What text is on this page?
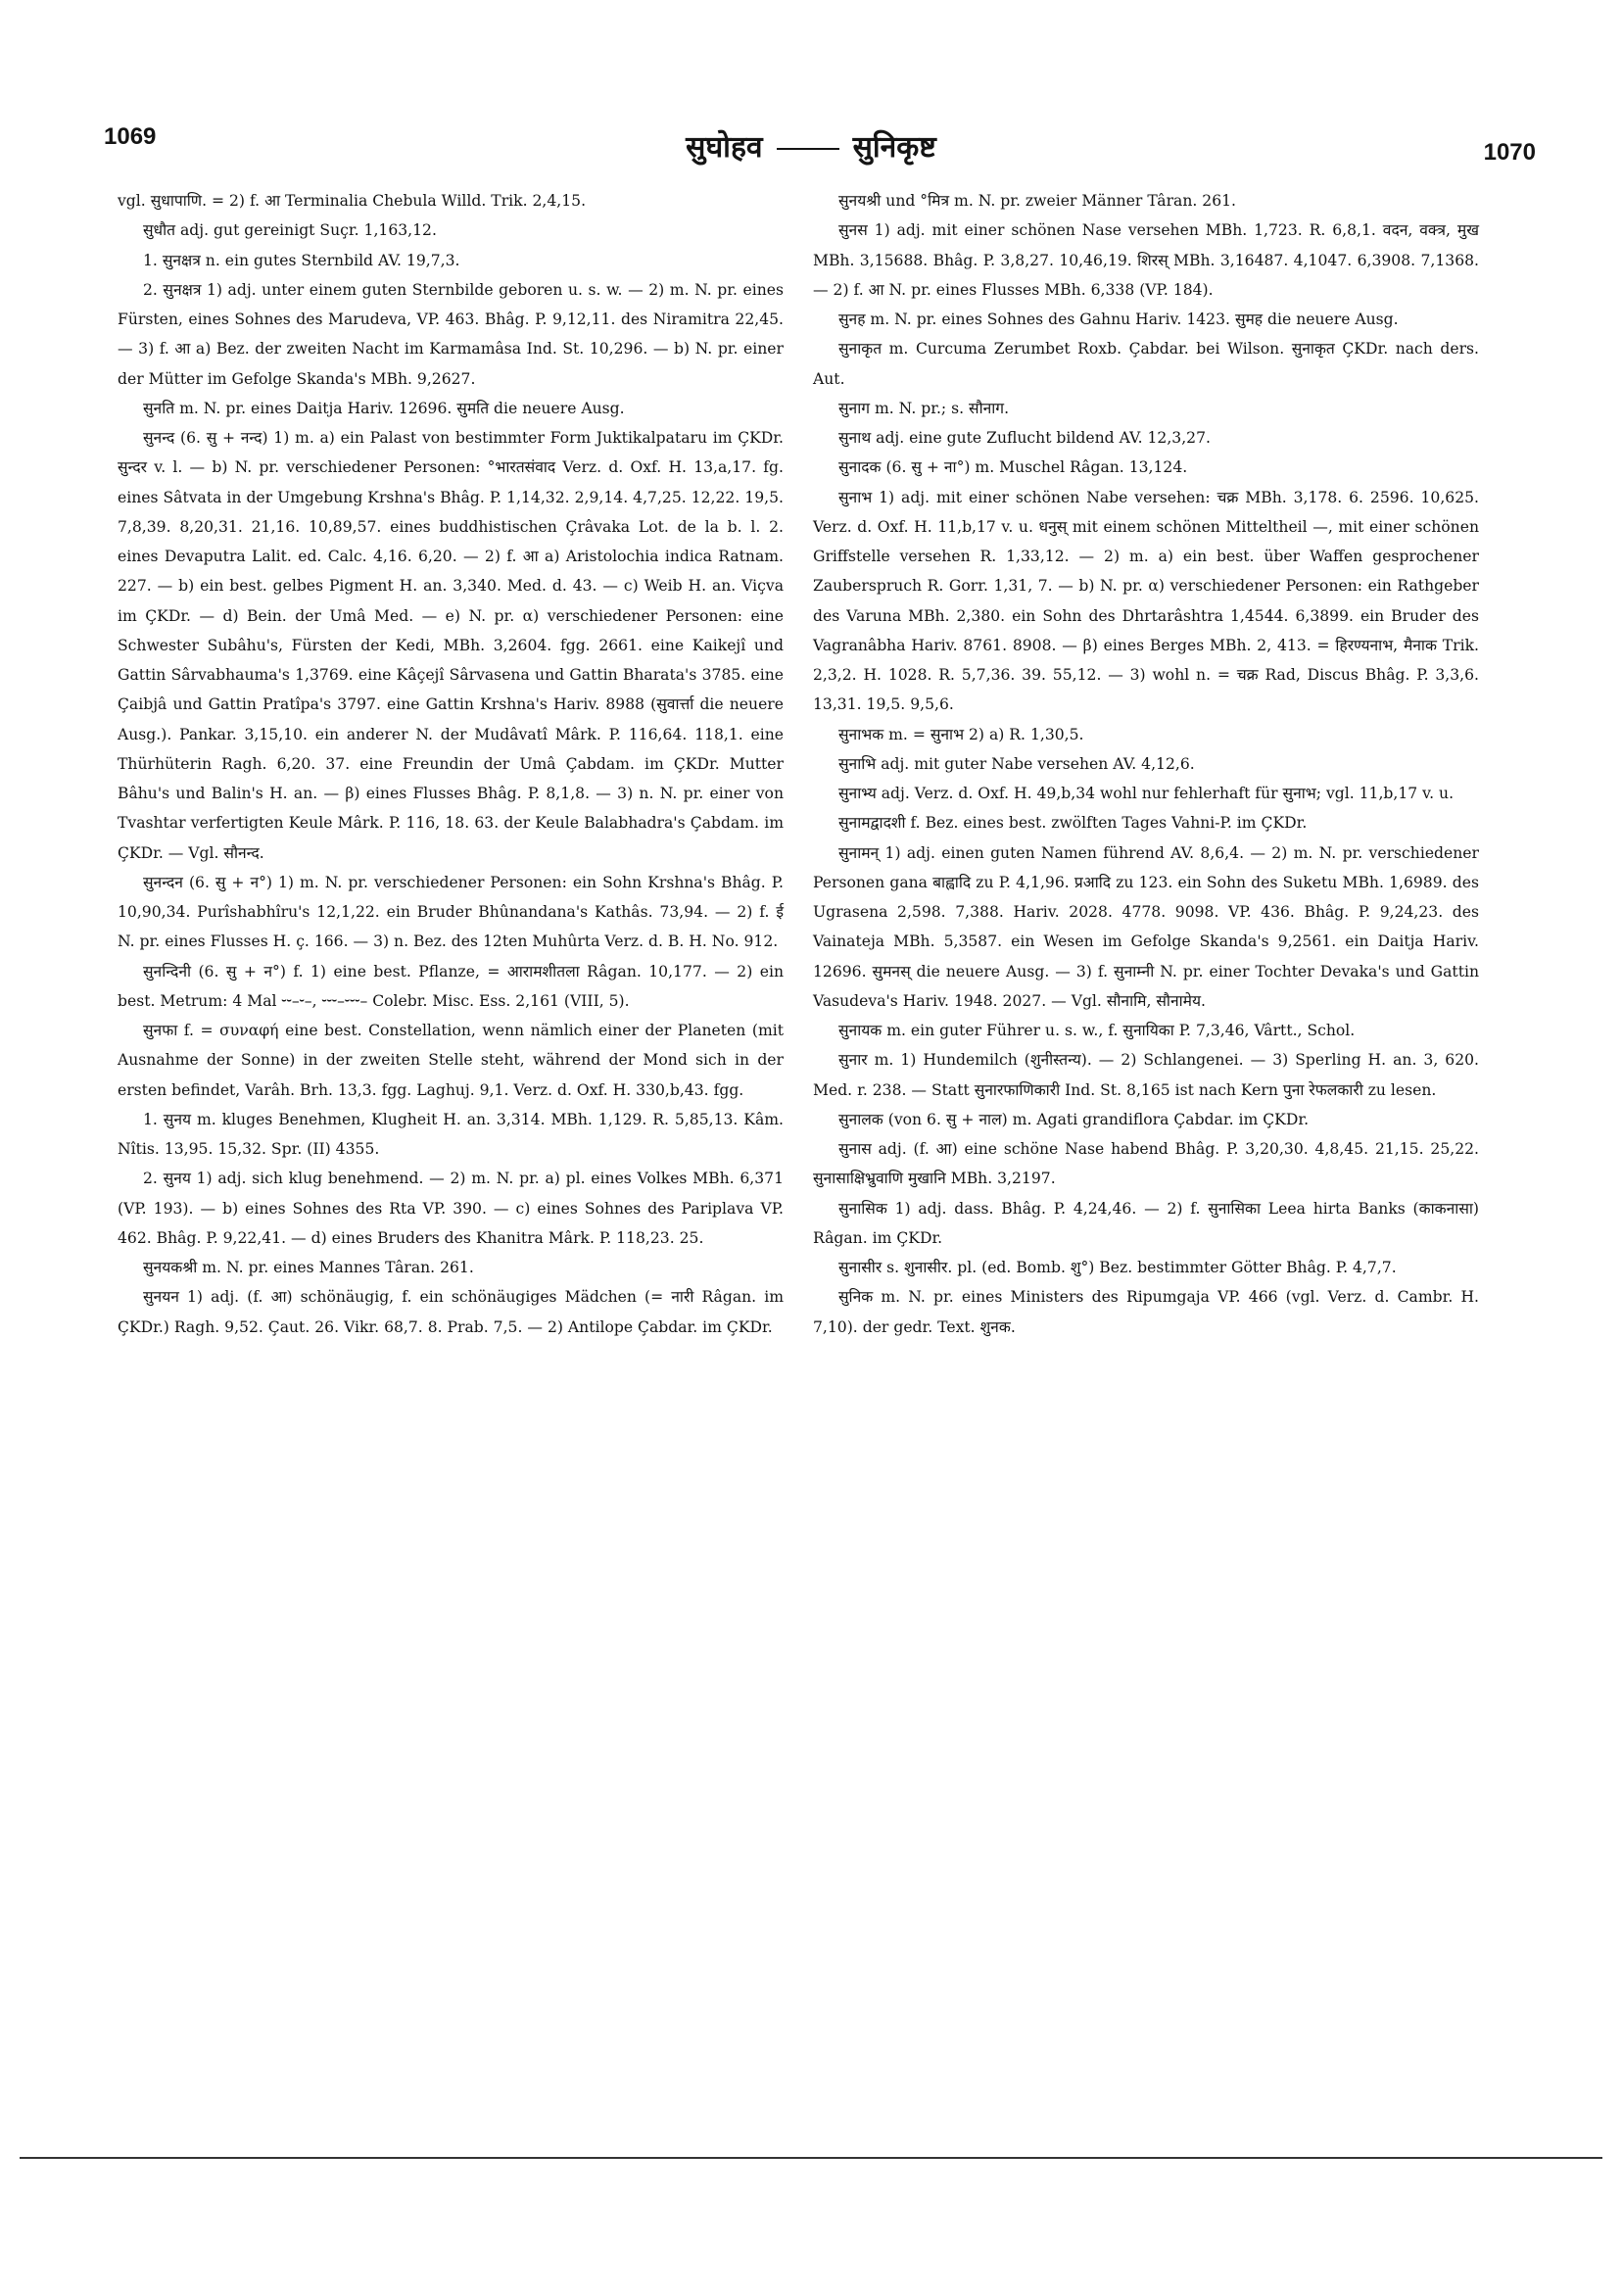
1069	सुघोहव	सुनिकृष्ट	1070

vgl. सुधापाणि. = 2) f. आ Terminalia Chebula Willd. Trik. 2,4,15.

सुधौत adj. gut gereinigt Suçr. 1,163,12.

1. सुनक्षत्र n. ein gutes Sternbild AV. 19,7,3.

2. सुनक्षत्र 1) adj. unter einem guten Sternbilde geboren u. s. w. — 2) m. N. pr. eines Fürsten, eines Sohnes des Marudeva, VP. 463. Bhâg. P. 9,12,11. des Niramitra 22,45. — 3) f. आ a) Bez. der zweiten Nacht im Karmamâsa Ind. St. 10,296. — b) N. pr. einer der Mütter im Gefolge Skanda's MBh. 9,2627.

सुनति m. N. pr. eines Daitja Hariv. 12696. सुमति die neuere Ausg.

सुनन्द (6. सु + नन्द) 1) m. a) ein Palast von bestimmter Form Juktikalpataru im ÇKDr. सुन्दर v. l. — b) N. pr. verschiedener Personen: °भारतसंवाद Verz. d. Oxf. H. 13,a,17. fg. eines Sâtvata in der Umgebung Krshna's Bhâg. P. 1,14,32. 2,9,14. 4,7,25. 12,22. 19,5. 7,8,39. 8,20,31. 21,16. 10,89,57. eines buddhistischen Çrâvaka Lot. de la b. l. 2. eines Devaputra Lalit. ed. Calc. 4,16. 6,20. — 2) f. आ a) Aristolochia indica Ratnam. 227. — b) ein best. gelbes Pigment H. an. 3,340. Med. d. 43. — c) Weib H. an. Viçva im ÇKDr. — d) Bein. der Umâ Med. — e) N. pr. α) verschiedener Personen: eine Schwester Subâhu's, Fürsten der Kedi, MBh. 3,2604. fgg. 2661. eine Kaikejî und Gattin Sârvabhauma's 1,3769. eine Kâçejî Sârvasena und Gattin Bharata's 3785. eine Çaibjâ und Gattin Pratîpa's 3797. eine Gattin Krshna's Hariv. 8988 (सुवार्त्ता die neuere Ausg.). Pankar. 3,15,10. ein anderer N. der Mudâvatî Mârk. P. 116,64. 118,1. eine Thürhüterin Ragh. 6,20. 37. eine Freundin der Umâ Çabdam. im ÇKDr. Mutter Bâhu's und Balin's H. an. — β) eines Flusses Bhâg. P. 8,1,8. — 3) n. N. pr. einer von Tvashtar verfertigten Keule Mârk. P. 116, 18. 63. der Keule Balabhadra's Çabdam. im ÇKDr. — Vgl. सौनन्द.

सुनन्दन (6. सु + न°) 1) m. N. pr. verschiedener Personen: ein Sohn Krshna's Bhâg. P. 10,90,34. Purîshabhîru's 12,1,22. ein Bruder Bhûnandana's Kathâs. 73,94. — 2) f. ई N. pr. eines Flusses H. ç. 166. — 3) n. Bez. des 12ten Muhûrta Verz. d. B. H. No. 912.

सुनन्दिनी (6. सु + न°) f. 1) eine best. Pflanze, = आरामशीतला Râgan. 10,177. — 2) ein best. Metrum: 4 Mal ⏑⏑–⏑–, ⏑⏑⏑–⏑⏑⏑– Colebr. Misc. Ess. 2,161 (VIII, 5).

सुनफा f. = συναφή eine best. Constellation, wenn nämlich einer der Planeten (mit Ausnahme der Sonne) in der zweiten Stelle steht, während der Mond sich in der ersten befindet, Varâh. Brh. 13,3. fgg. Laghuj. 9,1. Verz. d. Oxf. H. 330,b,43. fgg.

1. सुनय m. kluges Benehmen, Klugheit H. an. 3,314. MBh. 1,129. R. 5,85,13. Kâm. Nîtis. 13,95. 15,32. Spr. (II) 4355.

2. सुनय 1) adj. sich klug benehmend. — 2) m. N. pr. a) pl. eines Volkes MBh. 6,371 (VP. 193). — b) eines Sohnes des Rta VP. 390. — c) eines Sohnes des Pariplava VP. 462. Bhâg. P. 9,22,41. — d) eines Bruders des Khanitra Mârk. P. 118,23. 25.

सुनयकश्री m. N. pr. eines Mannes Târan. 261.

सुनयन 1) adj. (f. आ) schönäugig, f. ein schönäugiges Mädchen (= नारी Râgan. im ÇKDr.) Ragh. 9,52. Çaut. 26. Vikr. 68,7. 8. Prab. 7,5. — 2) Antilope Çabdar. im ÇKDr.

सुनयश्री und °मित्र m. N. pr. zweier Männer Târan. 261.

सुनस 1) adj. mit einer schönen Nase versehen MBh. 1,723. R. 6,8,1. वदन, वक्त्र, मुख MBh. 3,15688. Bhâg. P. 3,8,27. 10,46,19. शिरस् MBh. 3,16487. 4,1047. 6,3908. 7,1368. — 2) f. आ N. pr. eines Flusses MBh. 6,338 (VP. 184).

सुनह m. N. pr. eines Sohnes des Gahnu Hariv. 1423. सुमह die neuere Ausg.

सुनाकृत m. Curcuma Zerumbet Roxb. Çabdar. bei Wilson. सुनाकृत ÇKDr. nach ders. Aut.

सुनाग m. N. pr.; s. सौनाग.

सुनाथ adj. eine gute Zuflucht bildend AV. 12,3,27.

सुनादक (6. सु + ना°) m. Muschel Râgan. 13,124.

सुनाभ 1) adj. mit einer schönen Nabe versehen: चक्र MBh. 3,178. 6. 2596. 10,625. Verz. d. Oxf. H. 11,b,17 v. u. धनुस् mit einem schönen Mitteltheil —, mit einer schönen Griffstelle versehen R. 1,33,12. — 2) m. a) ein best. über Waffen gesprochener Zauberspruch R. Gorr. 1,31, 7. — b) N. pr. α) verschiedener Personen: ein Rathgeber des Varuna MBh. 2,380. ein Sohn des Dhrtarâshtra 1,4544. 6,3899. ein Bruder des Vagranâbha Hariv. 8761. 8908. — β) eines Berges MBh. 2, 413. = हिरण्यनाभ, मैनाक Trik. 2,3,2. H. 1028. R. 5,7,36. 39. 55,12. — 3) wohl n. = चक्र Rad, Discus Bhâg. P. 3,3,6. 13,31. 19,5. 9,5,6.

सुनाभक m. = सुनाभ 2) a) R. 1,30,5.

सुनाभि adj. mit guter Nabe versehen AV. 4,12,6.

सुनाभ्य adj. Verz. d. Oxf. H. 49,b,34 wohl nur fehlerhaft für सुनाभ; vgl. 11,b,17 v. u.

सुनामद्वादशी f. Bez. eines best. zwölften Tages Vahni-P. im ÇKDr.

सुनामन् 1) adj. einen guten Namen führend AV. 8,6,4. — 2) m. N. pr. verschiedener Personen gana बाह्वादि zu P. 4,1,96. प्रआदि zu 123. ein Sohn des Suketu MBh. 1,6989. des Ugrasena 2,598. 7,388. Hariv. 2028. 4778. 9098. VP. 436. Bhâg. P. 9,24,23. des Vainateja MBh. 5,3587. ein Wesen im Gefolge Skanda's 9,2561. ein Daitja Hariv. 12696. सुमनस् die neuere Ausg. — 3) f. सुनाम्नी N. pr. einer Tochter Devaka's und Gattin Vasudeva's Hariv. 1948. 2027. — Vgl. सौनामि, सौनामेय.

सुनायक m. ein guter Führer u. s. w., f. सुनायिका P. 7,3,46, Vârtt., Schol.

सुनार m. 1) Hundemilch (शुनीस्तन्य). — 2) Schlangenei. — 3) Sperling H. an. 3, 620. Med. r. 238. — Statt सुनारफाणिकारी Ind. St. 8,165 ist nach Kern पुना रेफलकारी zu lesen.

सुनालक (von 6. सु + नाल) m. Agati grandiflora Çabdar. im ÇKDr.

सुनास adj. (f. आ) eine schöne Nase habend Bhâg. P. 3,20,30. 4,8,45. 21,15. 25,22. सुनासाक्षिभ्रुवाणि मुखानि MBh. 3,2197.

सुनासिक 1) adj. dass. Bhâg. P. 4,24,46. — 2) f. सुनासिका Leea hirta Banks (काकनासा) Râgan. im ÇKDr.

सुनासीर s. शुनासीर. pl. (ed. Bomb. शु°) Bez. bestimmter Götter Bhâg. P. 4,7,7.

सुनिक m. N. pr. eines Ministers des Ripumgaja VP. 466 (vgl. Verz. d. Cambr. H. 7,10). der gedr. Text. शुनक.
